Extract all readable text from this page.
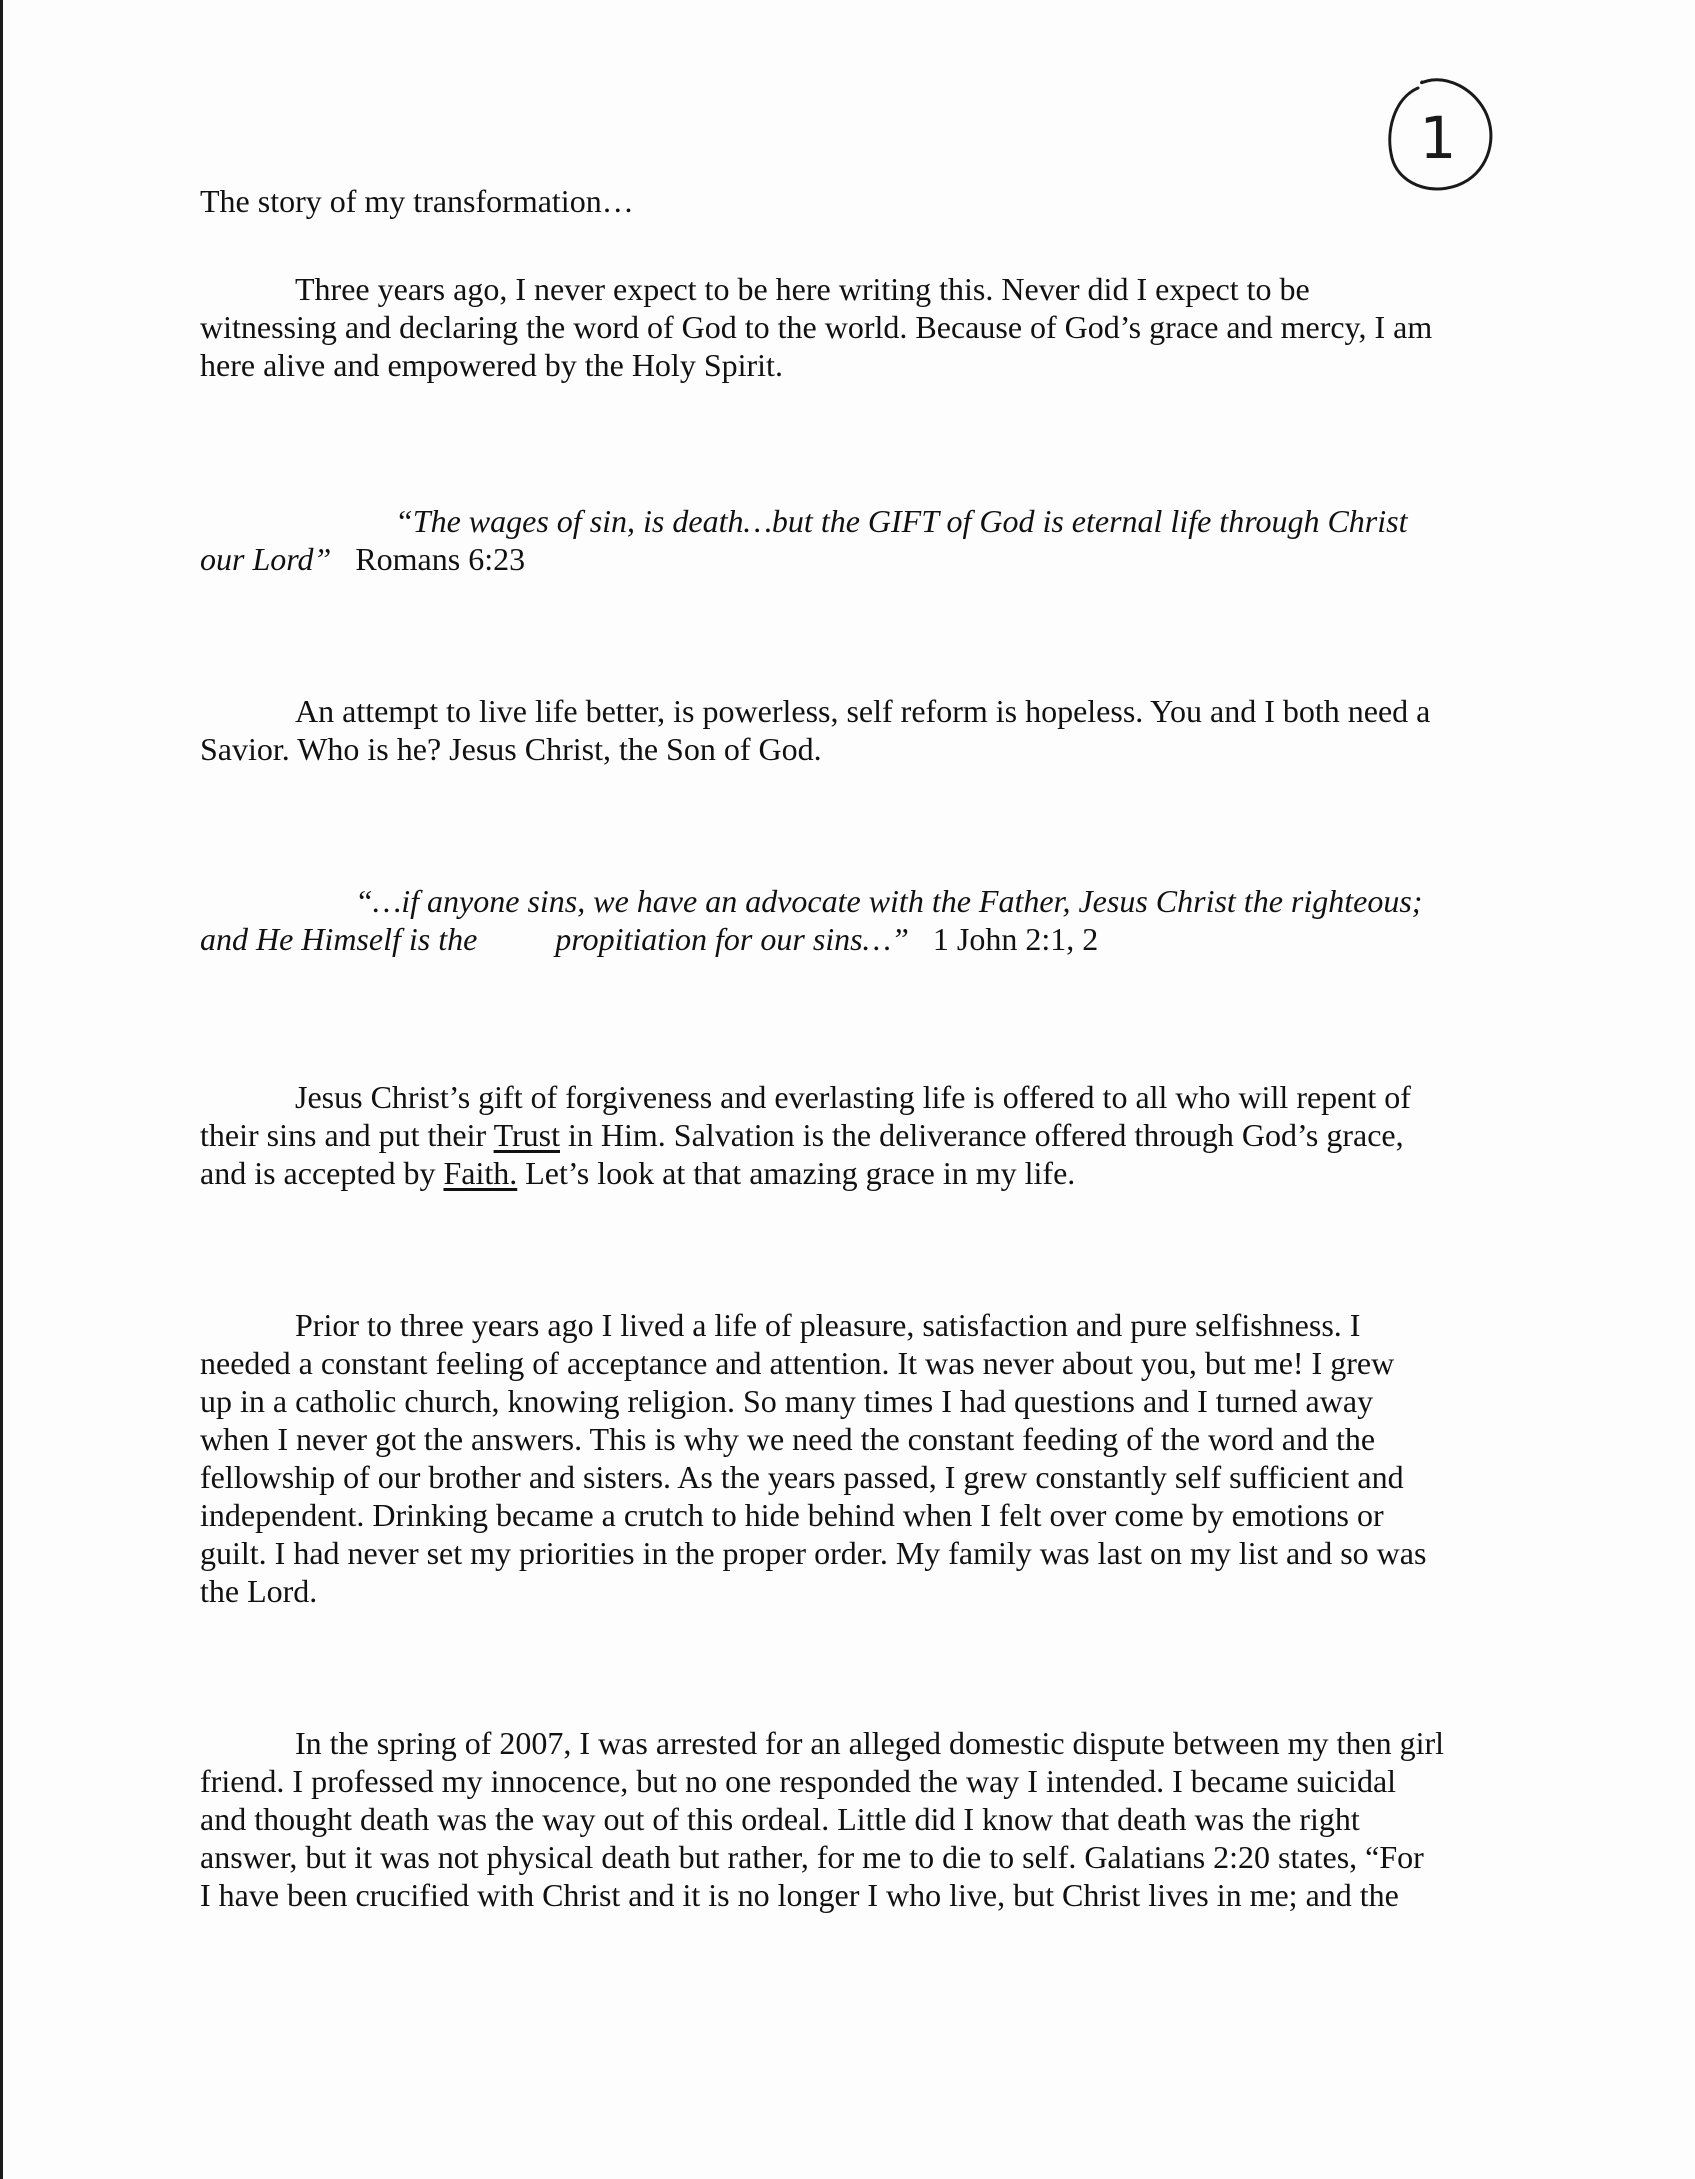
1
The story of my transformation…
Three years ago, I never expect to be here writing this. Never did I expect to be
witnessing and declaring the word of God to the world. Because of God’s grace and mercy, I am
here alive and empowered by the Holy Spirit.
“The wages of sin, is death…but the GIFT of God is eternal life through Christ
our Lord” Romans 6:23
An attempt to live life better, is powerless, self reform is hopeless. You and I both need a
Savior. Who is he? Jesus Christ, the Son of God.
“…if anyone sins, we have an advocate with the Father, Jesus Christ the righteous;
and He Himself is the propitiation for our sins…” 1 John 2:1, 2
Jesus Christ’s gift of forgiveness and everlasting life is offered to all who will repent of
their sins and put their Trust in Him. Salvation is the deliverance offered through God’s grace,
and is accepted by Faith. Let’s look at that amazing grace in my life.
Prior to three years ago I lived a life of pleasure, satisfaction and pure selfishness. I
needed a constant feeling of acceptance and attention. It was never about you, but me! I grew
up in a catholic church, knowing religion. So many times I had questions and I turned away
when I never got the answers. This is why we need the constant feeding of the word and the
fellowship of our brother and sisters. As the years passed, I grew constantly self sufficient and
independent. Drinking became a crutch to hide behind when I felt over come by emotions or
guilt. I had never set my priorities in the proper order. My family was last on my list and so was
the Lord.
In the spring of 2007, I was arrested for an alleged domestic dispute between my then girl
friend. I professed my innocence, but no one responded the way I intended. I became suicidal
and thought death was the way out of this ordeal. Little did I know that death was the right
answer, but it was not physical death but rather, for me to die to self. Galatians 2:20 states, “For
I have been crucified with Christ and it is no longer I who live, but Christ lives in me; and the
